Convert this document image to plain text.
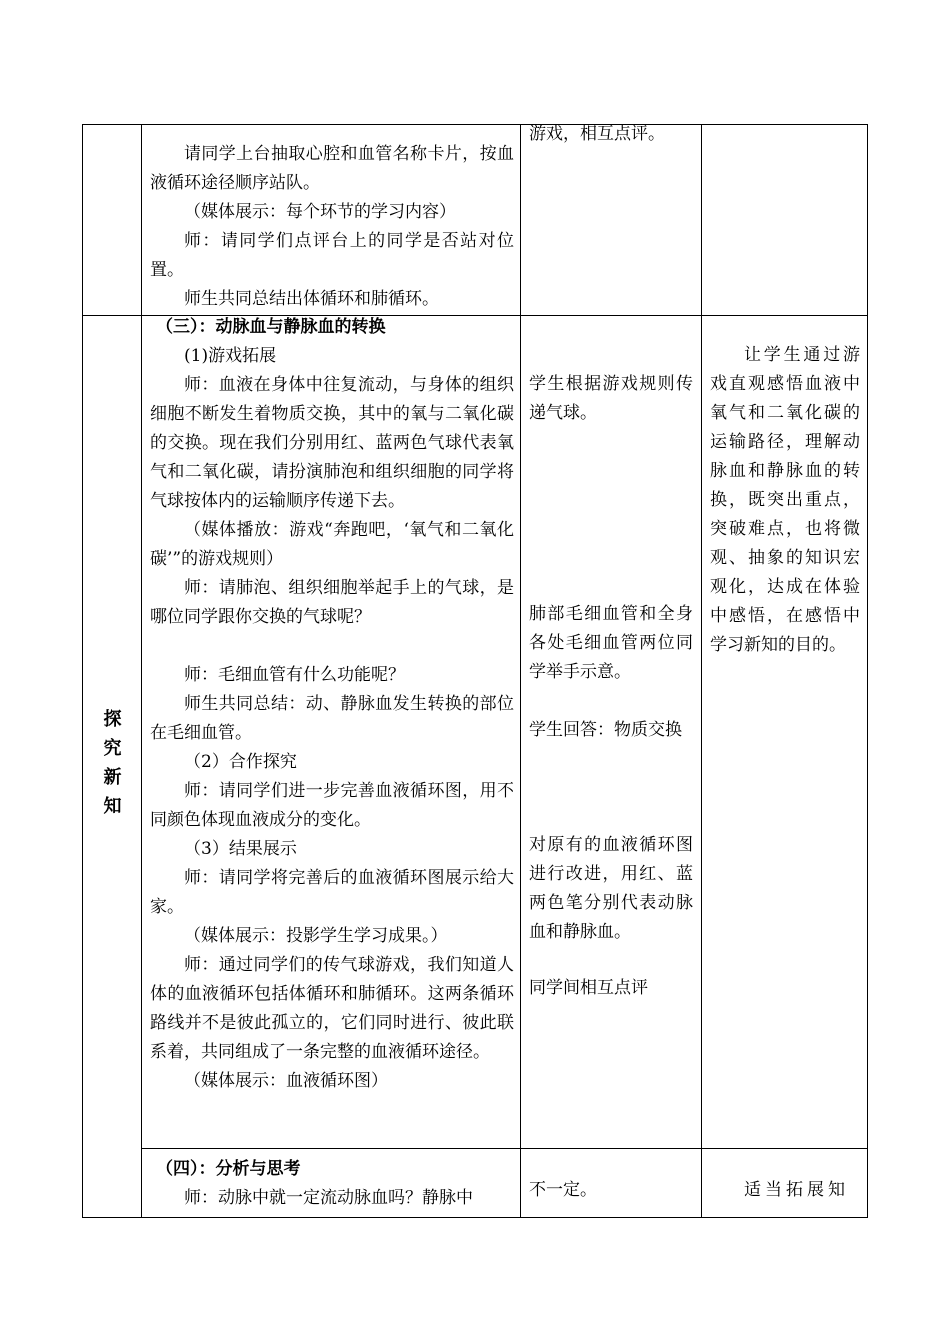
请同学上台抽取心腔和血管名称卡片，按血液循环途径顺序站队。

（媒体展示：每个环节的学习内容）

师：请同学们点评台上的同学是否站对位置。

师生共同总结出体循环和肺循环。

游戏，相互点评。

探
究
新
知

（三）：动脉血与静脉血的转换

(1)游戏拓展

师：血液在身体中往复流动，与身体的组织细胞不断发生着物质交换，其中的氧与二氧化碳的交换。现在我们分别用红、蓝两色气球代表氧气和二氧化碳，请扮演肺泡和组织细胞的同学将气球按体内的运输顺序传递下去。

（媒体播放：游戏“奔跑吧，‘氧气和二氧化碳’”的游戏规则）

师：请肺泡、组织细胞举起手上的气球，是哪位同学跟你交换的气球呢？

师：毛细血管有什么功能呢？

师生共同总结：动、静脉血发生转换的部位在毛细血管。

（2）合作探究

师：请同学们进一步完善血液循环图，用不同颜色体现血液成分的变化。

（3）结果展示

师：请同学将完善后的血液循环图展示给大家。

（媒体展示：投影学生学习成果。）

师：通过同学们的传气球游戏，我们知道人体的血液循环包括体循环和肺循环。这两条循环路线并不是彼此孤立的，它们同时进行、彼此联系着，共同组成了一条完整的血液循环途径。

（媒体展示：血液循环图）

学生根据游戏规则传递气球。

肺部毛细血管和全身各处毛细血管两位同学举手示意。

学生回答：物质交换

对原有的血液循环图进行改进，用红、蓝两色笔分别代表动脉血和静脉血。

同学间相互点评

让学生通过游戏直观感悟血液中氧气和二氧化碳的运输路径，理解动脉血和静脉血的转换，既突出重点，突破难点，也将微观、抽象的知识宏观化，达成在体验中感悟，在感悟中学习新知的目的。

（四）：分析与思考

师：动脉中就一定流动脉血吗？静脉中	不一定。	适当拓展知
